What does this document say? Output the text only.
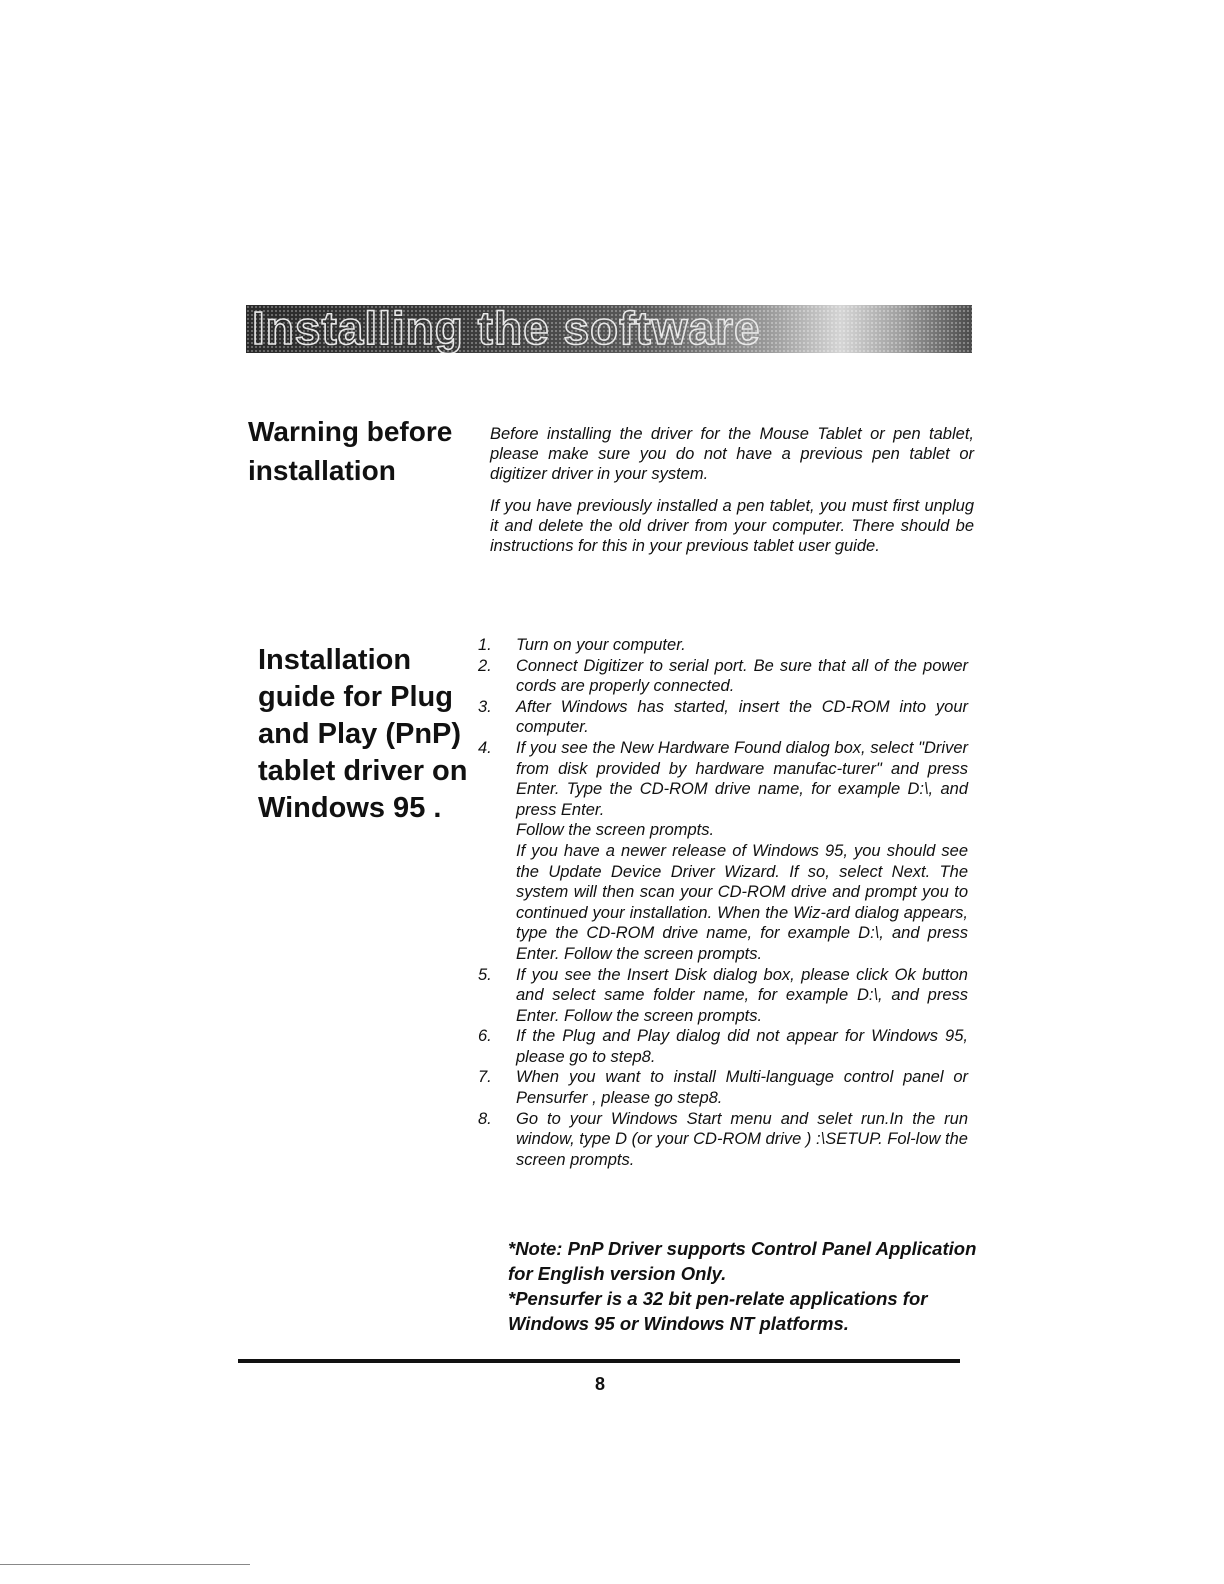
Installing the software
Warning before
installation
Before installing the driver for the Mouse Tablet or pen tablet, please make sure you do not have a previous pen tablet or digitizer driver in your system.
If you have previously installed a pen tablet, you must first unplug it and delete the old driver from your computer. There should be instructions for this in your previous tablet user guide.
Installation
guide for Plug
and Play (PnP)
tablet driver on
Windows 95 .
1. Turn on your computer.
2. Connect Digitizer to serial port. Be sure that all of the power cords are properly connected.
3. After Windows has started, insert the CD-ROM into your computer.
4. If you see the New Hardware Found dialog box, select "Driver from disk provided by hardware manufac-turer" and press Enter. Type the CD-ROM drive name, for example D:\, and press Enter.
Follow the screen prompts.
If you have a newer release of Windows 95, you should see the Update Device Driver Wizard. If so, select Next. The system will then scan your CD-ROM drive and prompt you to continued your installation. When the Wiz-ard dialog appears, type the CD-ROM drive name, for example D:\, and press Enter. Follow the screen prompts.
5. If you see the Insert Disk dialog box, please click Ok button and select same folder name, for example D:\, and press Enter. Follow the screen prompts.
6. If the Plug and Play dialog did not appear for Windows 95, please go to step8.
7. When you want to install Multi-language control panel or Pensurfer , please go step8.
8. Go to your Windows Start menu and selet run.In the run window, type D (or your CD-ROM drive ) :\SETUP. Fol-low the screen prompts.
*Note: PnP Driver supports Control Panel Application for English version Only.
*Pensurfer is a 32 bit pen-relate applications for Windows 95 or Windows NT platforms.
8
